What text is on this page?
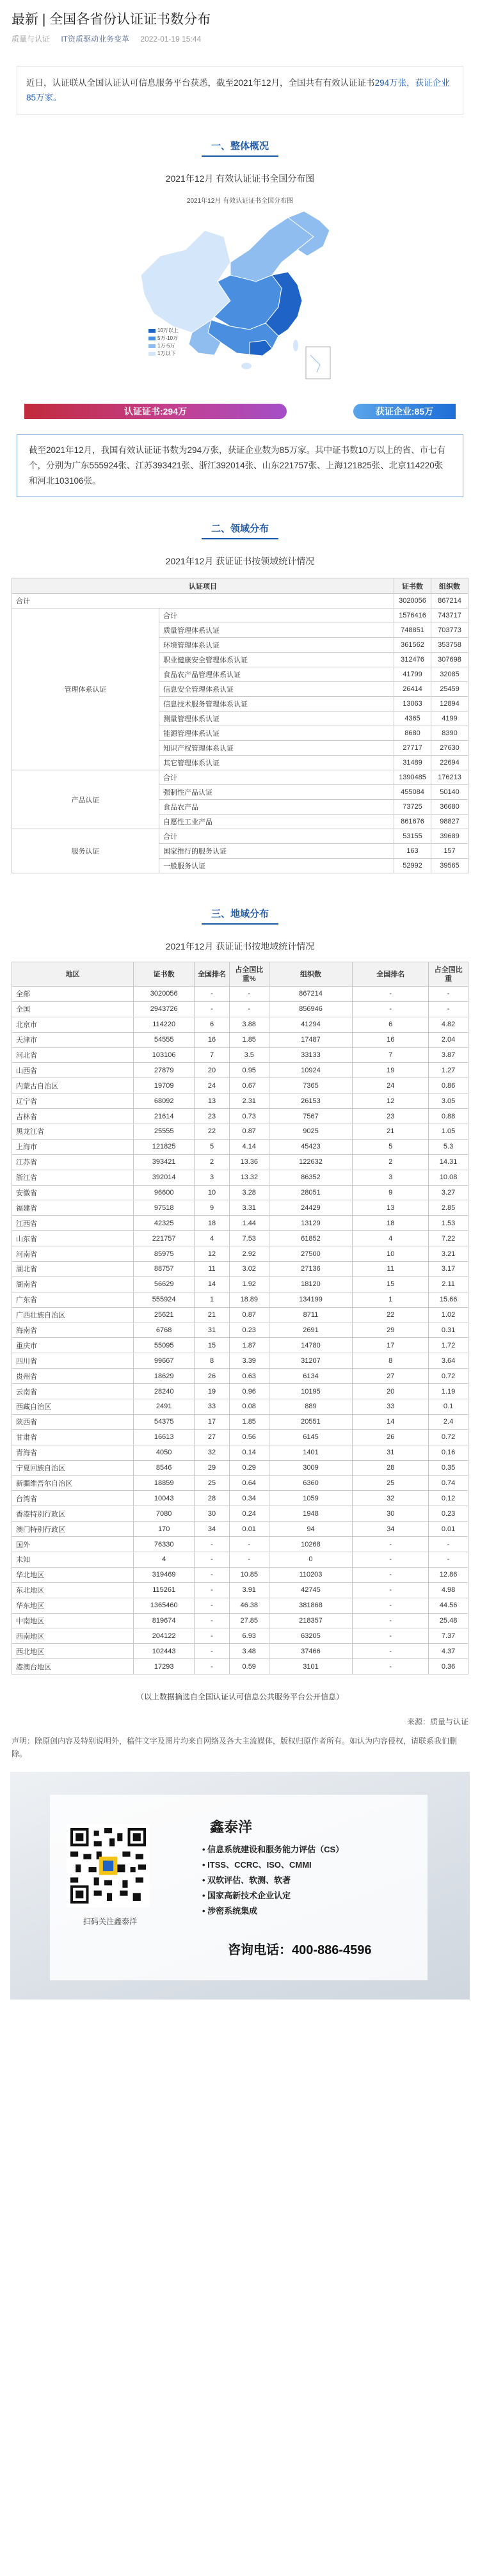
最新 | 全国各省份认证证书数分布
质量与认证 IT资质驱动业务变革 2022-01-19 15:44
近日，认证联从全国认证认可信息服务平台获悉，截至2021年12月，全国共有有效认证证书294万张，获证企业85万家。
一、整体概况
2021年12月 有效认证证书全国分布图
2021年12月 有效认证证书全国分布图
10万以上
5万-10万
1万-5万
1万以下
认证证书:294万	获证企业:85万
截至2021年12月，我国有效认证证书数为294万张，获证企业数为85万家。其中证书数10万以上的省、市七有个，分别为广东555924张、江苏393421张、浙江392014张、山东221757张、上海121825张、北京114220张和河北103106张。
二、领域分布
2021年12月 获证证书按领域统计情况
认证项目		证书数	组织数
合计		3020056	867214
管理体系认证	合计	1576416	743717
	质量管理体系认证	748851	703773
	环境管理体系认证	361562	353758
	职业健康安全管理体系认证	312476	307698
	食品农产品管理体系认证	41799	32085
	信息安全管理体系认证	26414	25459
	信息技术服务管理体系认证	13063	12894
	测量管理体系认证	4365	4199
	能源管理体系认证	8680	8390
	知识产权管理体系认证	27717	27630
	其它管理体系认证	31489	22694
产品认证	合计	1390485	176213
	强制性产品认证	455084	50140
	食品农产品	73725	36680
	自愿性工业产品	861676	98827
服务认证	合计	53155	39689
	国家推行的服务认证	163	157
	一般服务认证	52992	39565
三、地域分布
2021年12月 获证证书按地域统计情况
地区	证书数	全国排名	占全国比重%	组织数	全国排名	占全国比重
全部	3020056	-	-	867214	-	-
全国	2943726	-	-	856946	-	-
北京市	114220	6	3.88	41294	6	4.82
天津市	54555	16	1.85	17487	16	2.04
河北省	103106	7	3.5	33133	7	3.87
山西省	27879	20	0.95	10924	19	1.27
内蒙古自治区	19709	24	0.67	7365	24	0.86
辽宁省	68092	13	2.31	26153	12	3.05
吉林省	21614	23	0.73	7567	23	0.88
黑龙江省	25555	22	0.87	9025	21	1.05
上海市	121825	5	4.14	45423	5	5.3
江苏省	393421	2	13.36	122632	2	14.31
浙江省	392014	3	13.32	86352	3	10.08
安徽省	96600	10	3.28	28051	9	3.27
福建省	97518	9	3.31	24429	13	2.85
江西省	42325	18	1.44	13129	18	1.53
山东省	221757	4	7.53	61852	4	7.22
河南省	85975	12	2.92	27500	10	3.21
湖北省	88757	11	3.02	27136	11	3.17
湖南省	56629	14	1.92	18120	15	2.11
广东省	555924	1	18.89	134199	1	15.66
广西壮族自治区	25621	21	0.87	8711	22	1.02
海南省	6768	31	0.23	2691	29	0.31
重庆市	55095	15	1.87	14780	17	1.72
四川省	99667	8	3.39	31207	8	3.64
贵州省	18629	26	0.63	6134	27	0.72
云南省	28240	19	0.96	10195	20	1.19
西藏自治区	2491	33	0.08	889	33	0.1
陕西省	54375	17	1.85	20551	14	2.4
甘肃省	16613	27	0.56	6145	26	0.72
青海省	4050	32	0.14	1401	31	0.16
宁夏回族自治区	8546	29	0.29	3009	28	0.35
新疆维吾尔自治区	18859	25	0.64	6360	25	0.74
台湾省	10043	28	0.34	1059	32	0.12
香港特别行政区	7080	30	0.24	1948	30	0.23
澳门特别行政区	170	34	0.01	94	34	0.01
国外	76330	-	-	10268	-	-
未知	4	-	-	0	-	-
华北地区	319469	-	10.85	110203	-	12.86
东北地区	115261	-	3.91	42745	-	4.98
华东地区	1365460	-	46.38	381868	-	44.56
中南地区	819674	-	27.85	218357	-	25.48
西南地区	204122	-	6.93	63205	-	7.37
西北地区	102443	-	3.48	37466	-	4.37
港澳台地区	17293	-	0.59	3101	-	0.36
（以上数据摘选自全国认证认可信息公共服务平台公开信息）
来源：质量与认证
声明：除原创内容及特别说明外，稿件文字及图片均来自网络及各大主流媒体，版权归原作者所有。如认为内容侵权，请联系我们删除。
扫码关注鑫泰洋
鑫泰洋
• 信息系统建设和服务能力评估（CS）
• ITSS、CCRC、ISO、CMMI
• 双软评估、软测、软著
• 国家高新技术企业认定
• 涉密系统集成
咨询电话：400-886-4596
